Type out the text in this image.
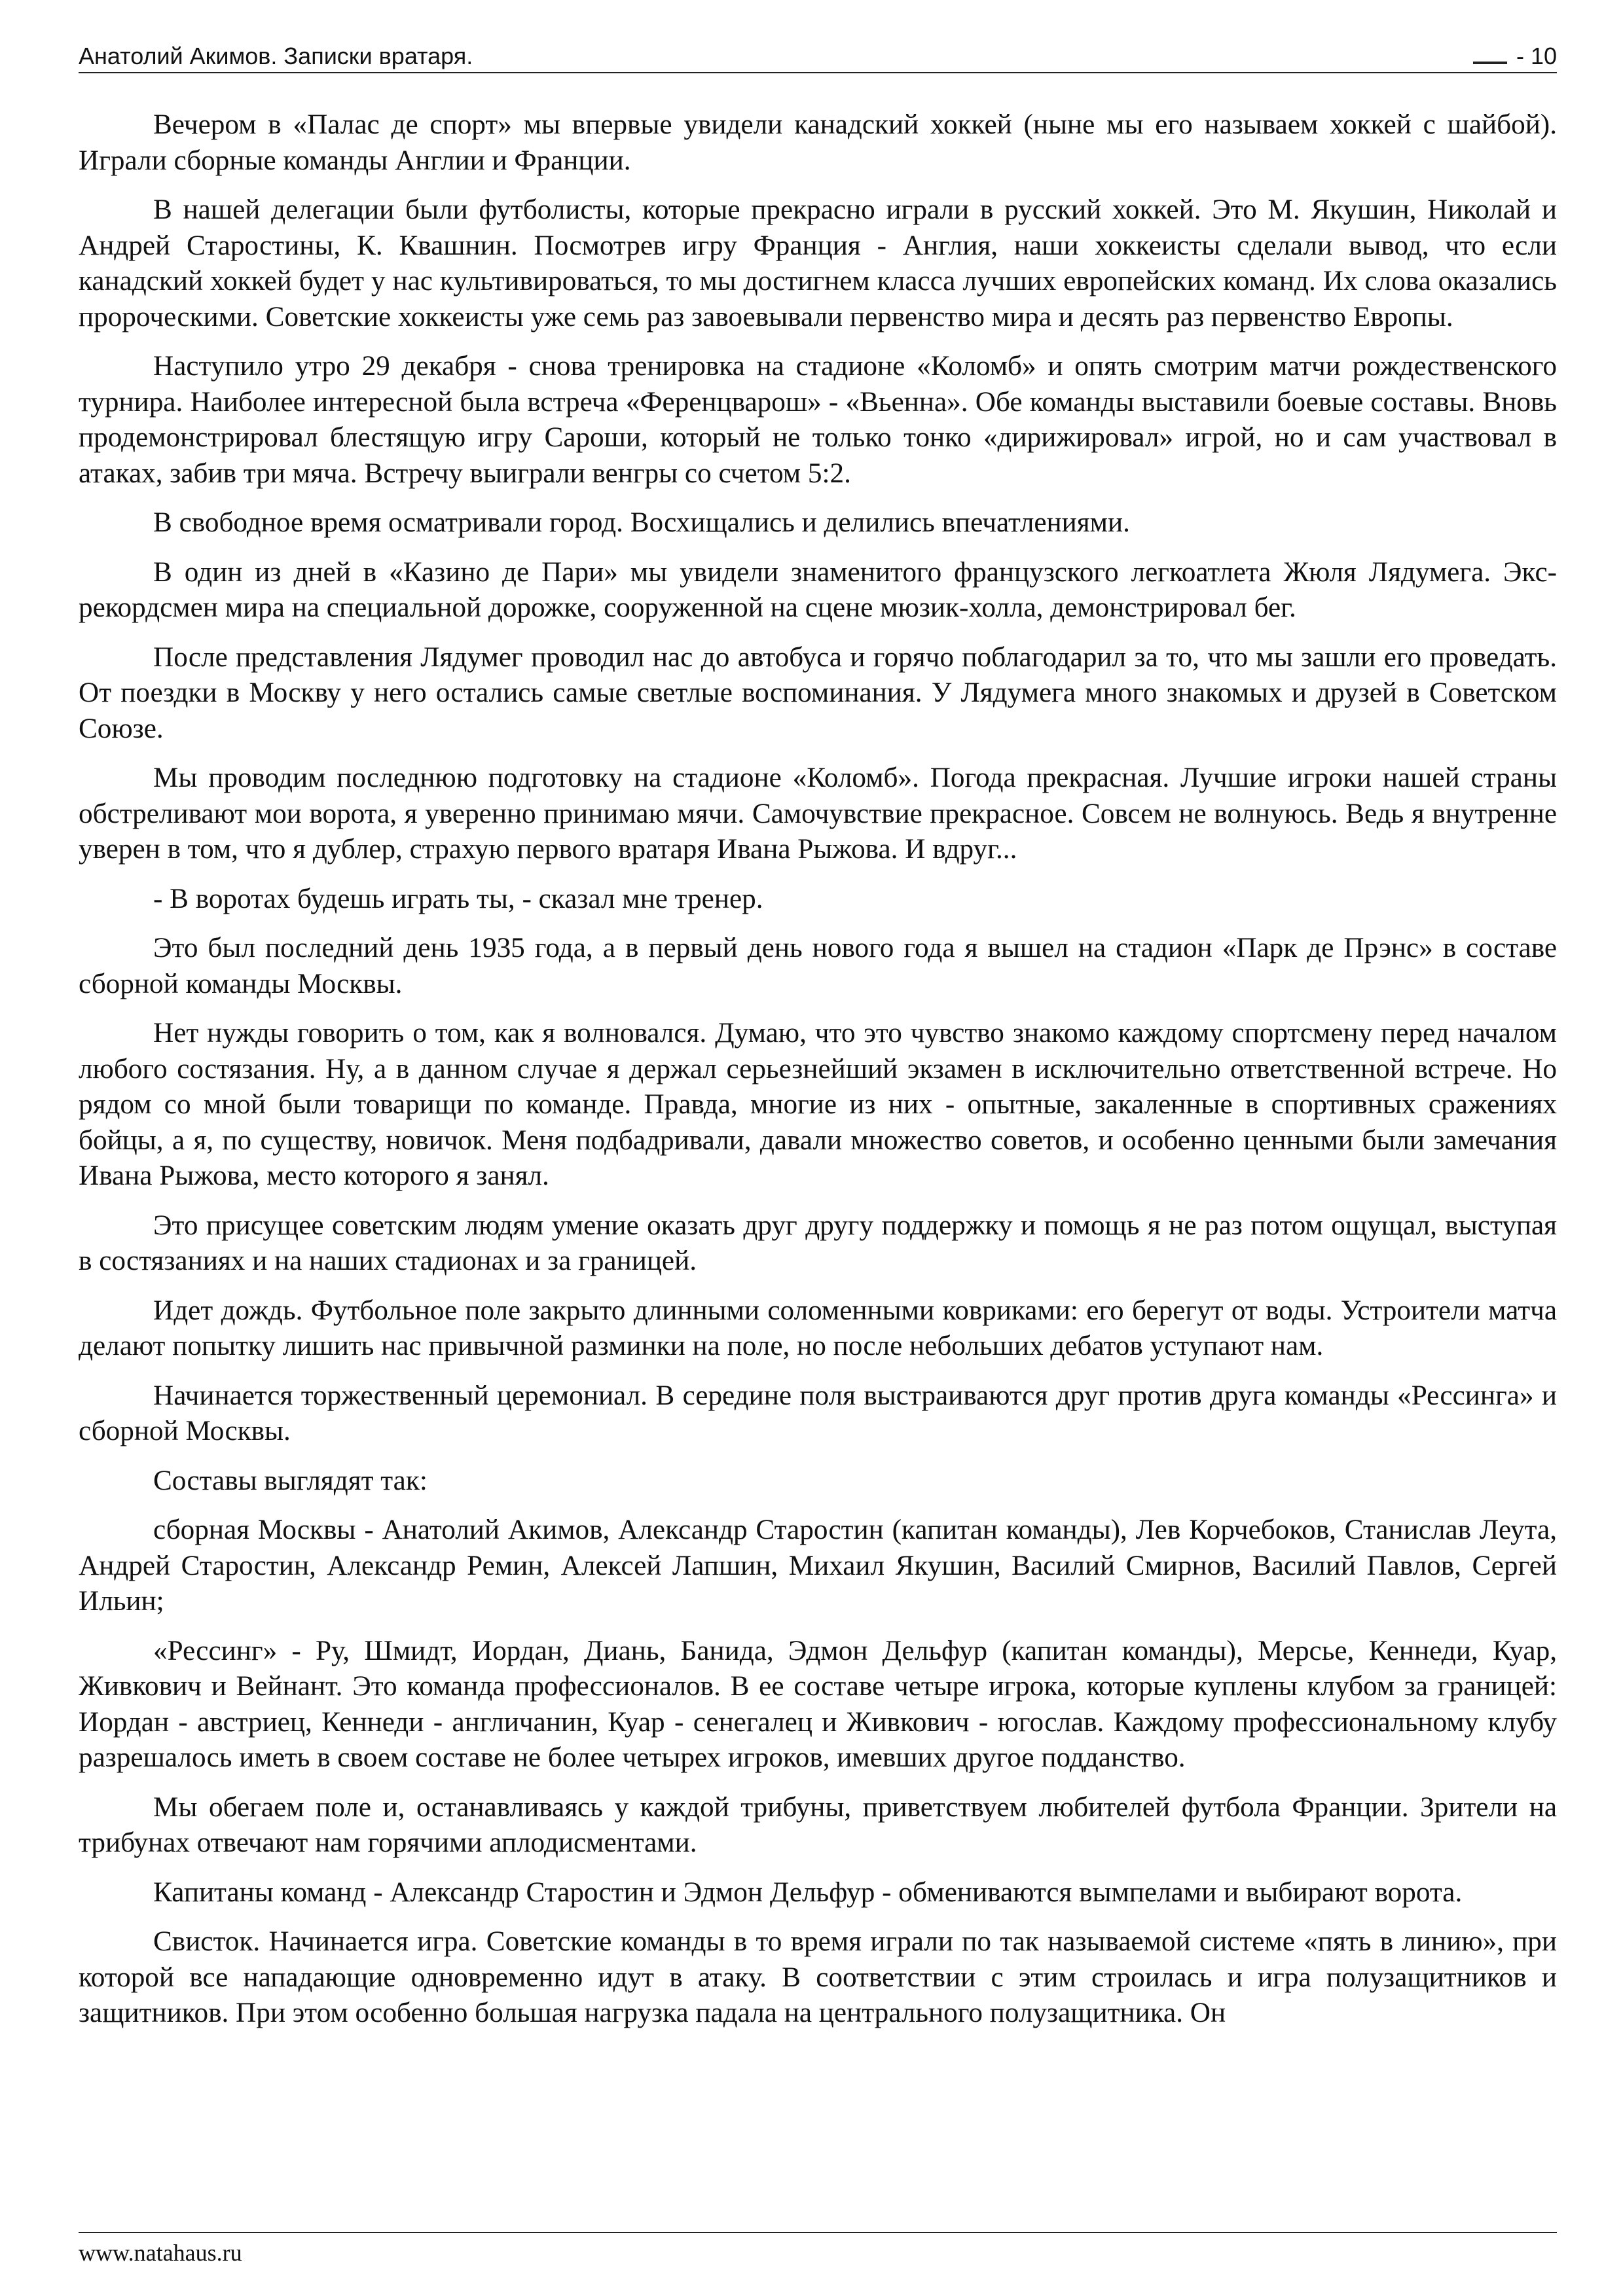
Анатолий Акимов. Записки вратаря.	- 10

Вечером в «Палас де спорт» мы впервые увидели канадский хоккей (ныне мы его называем хоккей с шайбой). Играли сборные команды Англии и Франции.

В нашей делегации были футболисты, которые прекрасно играли в русский хоккей. Это М. Якушин, Николай и Андрей Старостины, К. Квашнин. Посмотрев игру Франция - Англия, наши хоккеисты сделали вывод, что если канадский хоккей будет у нас культивироваться, то мы достигнем класса лучших европейских команд. Их слова оказались пророческими. Советские хоккеисты уже семь раз завоевывали первенство мира и десять раз первенство Европы.

Наступило утро 29 декабря - снова тренировка на стадионе «Коломб» и опять смотрим матчи рождественского турнира. Наиболее интересной была встреча «Ференцварош» - «Вьенна». Обе команды выставили боевые составы. Вновь продемонстрировал блестящую игру Сароши, который не только тонко «дирижировал» игрой, но и сам участвовал в атаках, забив три мяча. Встречу выиграли венгры со счетом 5:2.

В свободное время осматривали город. Восхищались и делились впечатлениями.

В один из дней в «Казино де Пари» мы увидели знаменитого французского легкоатлета Жюля Лядумега. Экс-рекордсмен мира на специальной дорожке, сооруженной на сцене мюзик-холла, демонстрировал бег.

После представления Лядумег проводил нас до автобуса и горячо поблагодарил за то, что мы зашли его проведать. От поездки в Москву у него остались самые светлые воспоминания. У Лядумега много знакомых и друзей в Советском Союзе.

Мы проводим последнюю подготовку на стадионе «Коломб». Погода прекрасная. Лучшие игроки нашей страны обстреливают мои ворота, я уверенно принимаю мячи. Самочувствие прекрасное. Совсем не волнуюсь. Ведь я внутренне уверен в том, что я дублер, страхую первого вратаря Ивана Рыжова. И вдруг...

- В воротах будешь играть ты, - сказал мне тренер.

Это был последний день 1935 года, а в первый день нового года я вышел на стадион «Парк де Прэнс» в составе сборной команды Москвы.

Нет нужды говорить о том, как я волновался. Думаю, что это чувство знакомо каждому спортсмену перед началом любого состязания. Ну, а в данном случае я держал серьезнейший экзамен в исключительно ответственной встрече. Но рядом со мной были товарищи по команде. Правда, многие из них - опытные, закаленные в спортивных сражениях бойцы, а я, по существу, новичок. Меня подбадривали, давали множество советов, и особенно ценными были замечания Ивана Рыжова, место которого я занял.

Это присущее советским людям умение оказать друг другу поддержку и помощь я не раз потом ощущал, выступая в состязаниях и на наших стадионах и за границей.

Идет дождь. Футбольное поле закрыто длинными соломенными ковриками: его берегут от воды. Устроители матча делают попытку лишить нас привычной разминки на поле, но после небольших дебатов уступают нам.

Начинается торжественный церемониал. В середине поля выстраиваются друг против друга команды «Рессинга» и сборной Москвы.

Составы выглядят так:

сборная Москвы - Анатолий Акимов, Александр Старостин (капитан команды), Лев Корчебоков, Станислав Леута, Андрей Старостин, Александр Ремин, Алексей Лапшин, Михаил Якушин, Василий Смирнов, Василий Павлов, Сергей Ильин;

«Рессинг» - Ру, Шмидт, Иордан, Диань, Банида, Эдмон Дельфур (капитан команды), Мерсье, Кеннеди, Куар, Живкович и Вейнант. Это команда профессионалов. В ее составе четыре игрока, которые куплены клубом за границей: Иордан - австриец, Кеннеди - англичанин, Куар - сенегалец и Живкович - югослав. Каждому профессиональному клубу разрешалось иметь в своем составе не более четырех игроков, имевших другое подданство.

Мы обегаем поле и, останавливаясь у каждой трибуны, приветствуем любителей футбола Франции. Зрители на трибунах отвечают нам горячими аплодисментами.

Капитаны команд - Александр Старостин и Эдмон Дельфур - обмениваются вымпелами и выбирают ворота.

Свисток. Начинается игра. Советские команды в то время играли по так называемой системе «пять в линию», при которой все нападающие одновременно идут в атаку. В соответствии с этим строилась и игра полузащитников и защитников. При этом особенно большая нагрузка падала на центрального полузащитника. Он

www.natahaus.ru
